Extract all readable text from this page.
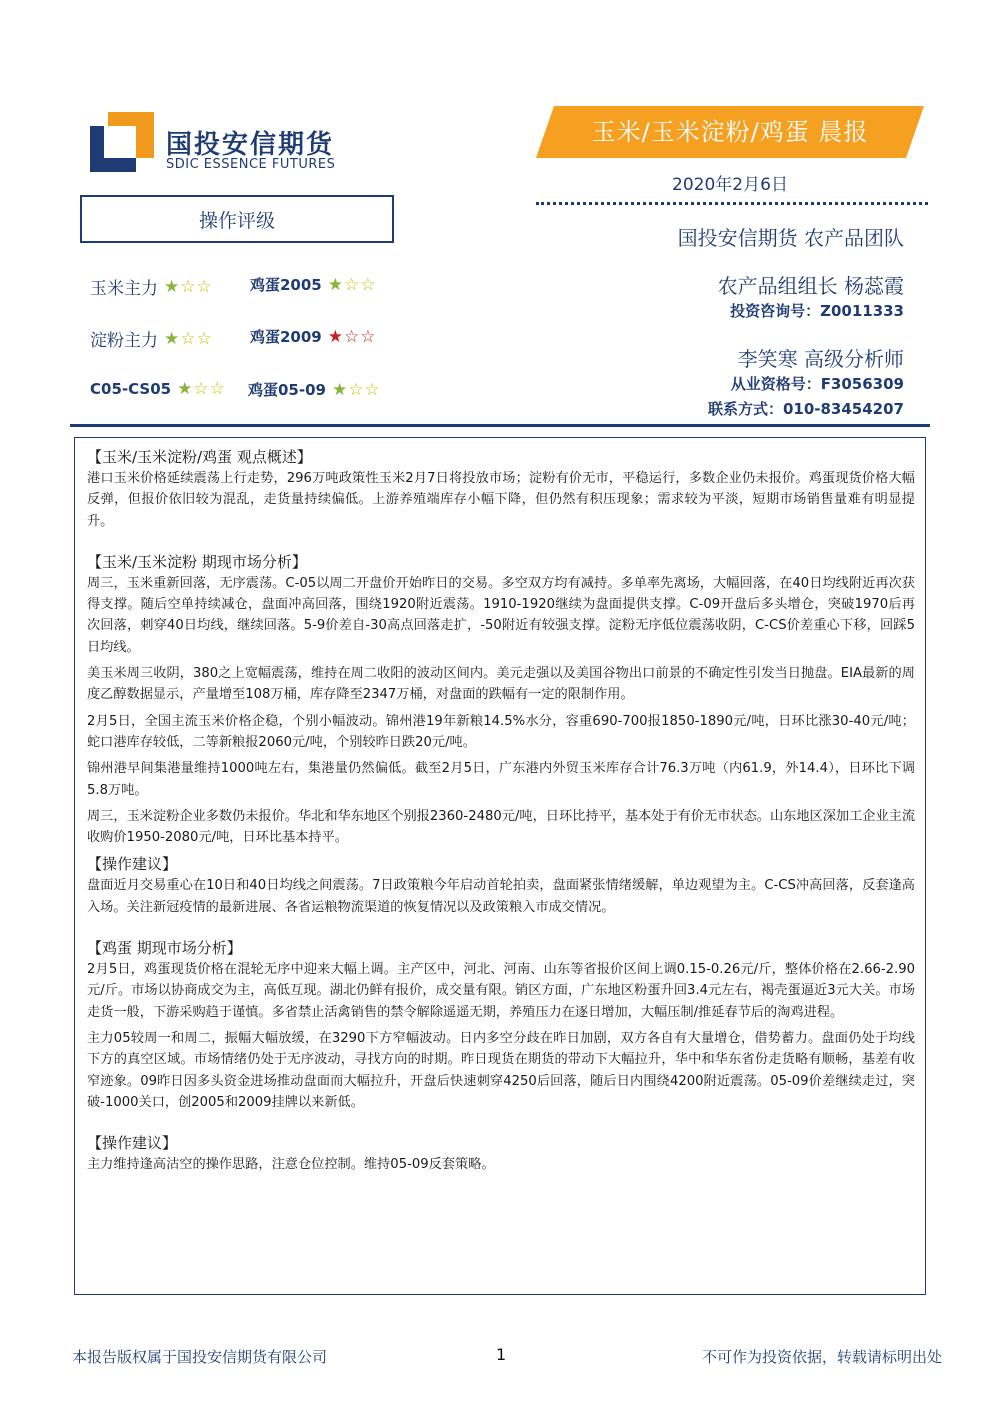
国投安信期货
SDIC ESSENCE FUTURES
玉米/玉米淀粉/鸡蛋 晨报
2020年2月6日
国投安信期货 农产品团队
农产品组组长 杨蕊霞
投资咨询号：Z0011333
李笑寒 高级分析师
从业资格号：F3056309
联系方式：010-83454207
操作评级
玉米主力 ★☆☆ 鸡蛋2005 ★☆☆
淀粉主力 ★☆☆ 鸡蛋2009 ★☆☆
C05-CS05 ★☆☆ 鸡蛋05-09 ★☆☆
【玉米/玉米淀粉/鸡蛋 观点概述】

港口玉米价格延续震荡上行走势，296万吨政策性玉米2月7日将投放市场；淀粉有价无市，平稳运行，多数企业仍未报价。鸡蛋现货价格大幅反弹，但报价依旧较为混乱，走货量持续偏低。上游养殖端库存小幅下降，但仍然有积压现象；需求较为平淡，短期市场销售量难有明显提升。

【玉米/玉米淀粉 期现市场分析】

周三，玉米重新回落，无序震荡。C-05以周二开盘价开始昨日的交易。多空双方均有减持。多单率先离场，大幅回落，在40日均线附近再次获得支撑。随后空单持续减仓，盘面冲高回落，围绕1920附近震荡。1910-1920继续为盘面提供支撑。C-09开盘后多头增仓，突破1970后再次回落，刺穿40日均线，继续回落。5-9价差自-30高点回落走扩，-50附近有较强支撑。淀粉无序低位震荡收阴，C-CS价差重心下移，回踩5日均线。

美玉米周三收阴，380之上宽幅震荡，维持在周二收阳的波动区间内。美元走强以及美国谷物出口前景的不确定性引发当日抛盘。EIA最新的周度乙醇数据显示，产量增至108万桶，库存降至2347万桶，对盘面的跌幅有一定的限制作用。

2月5日，全国主流玉米价格企稳，个别小幅波动。锦州港19年新粮14.5%水分，容重690-700报1850-1890元/吨，日环比涨30-40元/吨；蛇口港库存较低，二等新粮报2060元/吨，个别较昨日跌20元/吨。

锦州港早间集港量维持1000吨左右，集港量仍然偏低。截至2月5日，广东港内外贸玉米库存合计76.3万吨（内61.9，外14.4），日环比下调5.8万吨。

周三，玉米淀粉企业多数仍未报价。华北和华东地区个别报2360-2480元/吨，日环比持平，基本处于有价无市状态。山东地区深加工企业主流收购价1950-2080元/吨，日环比基本持平。

【操作建议】

盘面近月交易重心在10日和40日均线之间震荡。7日政策粮今年启动首轮拍卖，盘面紧张情绪缓解，单边观望为主。C-CS冲高回落，反套逢高入场。关注新冠疫情的最新进展、各省运粮物流渠道的恢复情况以及政策粮入市成交情况。

【鸡蛋 期现市场分析】

2月5日，鸡蛋现货价格在混轮无序中迎来大幅上调。主产区中，河北、河南、山东等省报价区间上调0.15-0.26元/斤，整体价格在2.66-2.90元/斤。市场以协商成交为主，高低互现。湖北仍鲜有报价，成交量有限。销区方面，广东地区粉蛋升回3.4元左右，褐壳蛋逼近3元大关。市场走货一般，下游采购趋于谨慎。多省禁止活禽销售的禁令解除遥遥无期，养殖压力在逐日增加，大幅压制/推延春节后的淘鸡进程。

主力05较周一和周二，振幅大幅放缓，在3290下方窄幅波动。日内多空分歧在昨日加剧，双方各自有大量增仓，借势蓄力。盘面仍处于均线下方的真空区域。市场情绪仍处于无序波动，寻找方向的时期。昨日现货在期货的带动下大幅拉升，华中和华东省份走货略有顺畅，基差有收窄迹象。09昨日因多头资金进场推动盘面而大幅拉升，开盘后快速刺穿4250后回落，随后日内围绕4200附近震荡。05-09价差继续走过，突破-1000关口，创2005和2009挂牌以来新低。

【操作建议】

主力维持逢高沽空的操作思路，注意仓位控制。维持05-09反套策略。

本报告版权属于国投安信期货有限公司	1	不可作为投资依据，转载请标明出处
